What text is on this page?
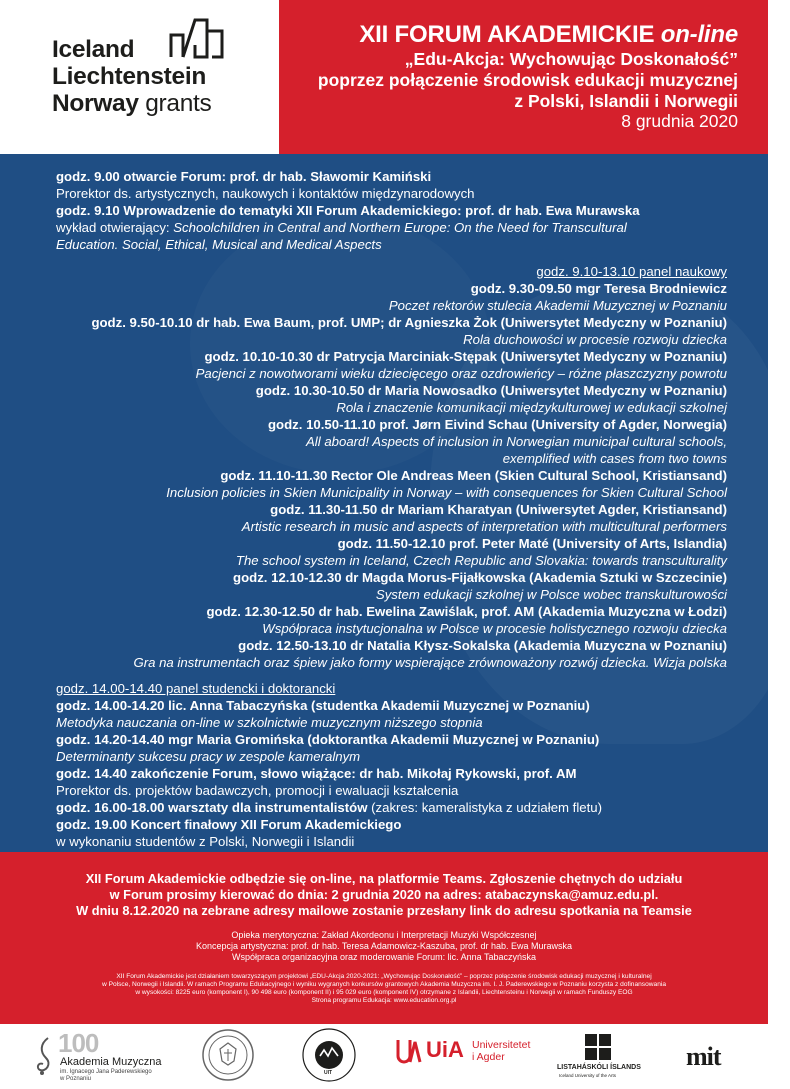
Iceland
Liechtenstein
Norway grants
XII FORUM AKADEMICKIE on-line
„Edu-Akcja: Wychowując Doskonałość”
poprzez połączenie środowisk edukacji muzycznej
z Polski, Islandii i Norwegii
8 grudnia 2020
godz. 9.00 otwarcie Forum: prof. dr hab. Sławomir Kamiński
Prorektor ds. artystycznych, naukowych i kontaktów międzynarodowych
godz. 9.10 Wprowadzenie do tematyki XII Forum Akademickiego: prof. dr hab. Ewa Murawska
wykład otwierający: Schoolchildren in Central and Northern Europe: On the Need for Transcultural
Education. Social, Ethical, Musical and Medical Aspects
godz. 9.10-13.10 panel naukowy
godz. 9.30-09.50 mgr Teresa Brodniewicz
Poczet rektorów stulecia Akademii Muzycznej w Poznaniu
godz. 9.50-10.10 dr hab. Ewa Baum, prof. UMP; dr Agnieszka Żok (Uniwersytet Medyczny w Poznaniu)
Rola duchowości w procesie rozwoju dziecka
godz. 10.10-10.30 dr Patrycja Marciniak-Stępak (Uniwersytet Medyczny w Poznaniu)
Pacjenci z nowotworami wieku dziecięcego oraz ozdrowieńcy – różne płaszczyzny powrotu
godz. 10.30-10.50 dr Maria Nowosadko (Uniwersytet Medyczny w Poznaniu)
Rola i znaczenie komunikacji międzykulturowej w edukacji szkolnej
godz. 10.50-11.10 prof. Jørn Eivind Schau (University of Agder, Norwegia)
All aboard! Aspects of inclusion in Norwegian municipal cultural schools,
exemplified with cases from two towns
godz. 11.10-11.30 Rector Ole Andreas Meen (Skien Cultural School, Kristiansand)
Inclusion policies in Skien Municipality in Norway – with consequences for Skien Cultural School
godz. 11.30-11.50 dr Mariam Kharatyan (Uniwersytet Agder, Kristiansand)
Artistic research in music and aspects of interpretation with multicultural performers
godz. 11.50-12.10 prof. Peter Maté (University of Arts, Islandia)
The school system in Iceland, Czech Republic and Slovakia: towards transculturality
godz. 12.10-12.30 dr Magda Morus-Fijałkowska (Akademia Sztuki w Szczecinie)
System edukacji szkolnej w Polsce wobec transkulturowości
godz. 12.30-12.50 dr hab. Ewelina Zawiślak, prof. AM (Akademia Muzyczna w Łodzi)
Współpraca instytucjonalna w Polsce w procesie holistycznego rozwoju dziecka
godz. 12.50-13.10 dr Natalia Kłysz-Sokalska (Akademia Muzyczna w Poznaniu)
Gra na instrumentach oraz śpiew jako formy wspierające zrównoważony rozwój dziecka. Wizja polska
godz. 14.00-14.40 panel studencki i doktorancki
godz. 14.00-14.20 lic. Anna Tabaczyńska (studentka Akademii Muzycznej w Poznaniu)
Metodyka nauczania on-line w szkolnictwie muzycznym niższego stopnia
godz. 14.20-14.40 mgr Maria Gromińska (doktorantka Akademii Muzycznej w Poznaniu)
Determinanty sukcesu pracy w zespole kameralnym
godz. 14.40 zakończenie Forum, słowo wiążące: dr hab. Mikołaj Rykowski, prof. AM
Prorektor ds. projektów badawczych, promocji i ewaluacji kształcenia
godz. 16.00-18.00 warsztaty dla instrumentalistów (zakres: kameralistyka z udziałem fletu)
godz. 19.00 Koncert finałowy XII Forum Akademickiego
w wykonaniu studentów z Polski, Norwegii i Islandii
XII Forum Akademickie odbędzie się on-line, na platformie Teams. Zgłoszenie chętnych do udziału
w Forum prosimy kierować do dnia: 2 grudnia 2020 na adres: atabaczynska@amuz.edu.pl.
W dniu 8.12.2020 na zebrane adresy mailowe zostanie przesłany link do adresu spotkania na Teamsie
Opieka merytoryczna: Zakład Akordeonu i Interpretacji Muzyki Współczesnej
Koncepcja artystyczna: prof. dr hab. Teresa Adamowicz-Kaszuba, prof. dr hab. Ewa Murawska
Współpraca organizacyjna oraz moderowanie Forum: lic. Anna Tabaczyńska
XII Forum Akademickie jest działaniem towarzyszącym projektowi „EDU-Akcja 2020-2021: „Wychowując Doskonałość” – poprzez połączenie środowisk edukacji muzycznej i kulturalnej
w Polsce, Norwegii i Islandii. W ramach Programu Edukacyjnego i wyniku wygranych konkursów grantowych Akademia Muzyczna im. I. J. Paderewskiego w Poznaniu korzysta z dofinansowania
w wysokości: 8225 euro (komponent I), 90 498 euro (komponent II) i 95 029 euro (komponent IV) otrzymane z Islandii, Liechtensteinu i Norwegii w ramach Funduszy EOG
Strona programu Edukacja: www.education.org.pl
100
Akademia Muzyczna
im. Ignacego Jana Paderewskiego
w Poznaniu
UIT
UiA Universitetet
i Agder
LISTAHÁSKÓLI ÍSLANDS
Iceland University of the Arts
mit
